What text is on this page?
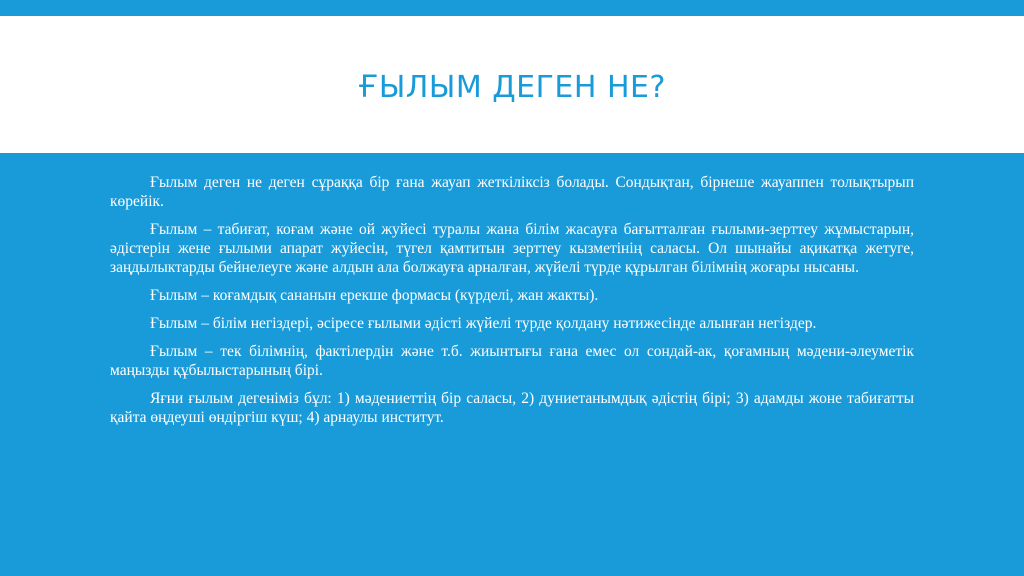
ҒЫЛЫМ ДЕГЕН НЕ?

Ғылым деген не деген сұраққа бір ғана жауап жеткіліксіз болады. Сондықтан, бірнеше жауаппен толықтырып көрейік.

Ғылым – табиғат, коғам және ой жуйесі туралы жана білім жасауға бағытталған ғылыми-зерттеу жұмыстарын, әдістерін жене ғылыми апарат жуйесін, түгел қамтитын зерттеу кызметінің саласы. Ол шынайы ақикатқа жетуге, заңдылыктарды бейнелеуге және алдын ала болжауға арналған, жүйелі түрде құрылган білімнің жоғары нысаны.

Ғылым – коғамдық сананын ерекше формасы (күрделі, жан жакты).

Ғылым – білім негіздері, әсіресе ғылыми әдісті жүйелі турде қолдану нәтижесінде алынған негіздер.

Ғылым – тек білімнің, фактілердін және т.б. жиынтығы ғана емес ол сондай-ак, қоғамның мәдени-әлеуметік маңызды құбылыстарының бірі.

Яғни ғылым дегеніміз бұл: 1) мәдениеттің бір саласы, 2) дуниетанымдық әдістің бірі; 3) адамды жоне табиғатты қайта өңдеуші өндіргіш күш; 4) арнаулы институт.
